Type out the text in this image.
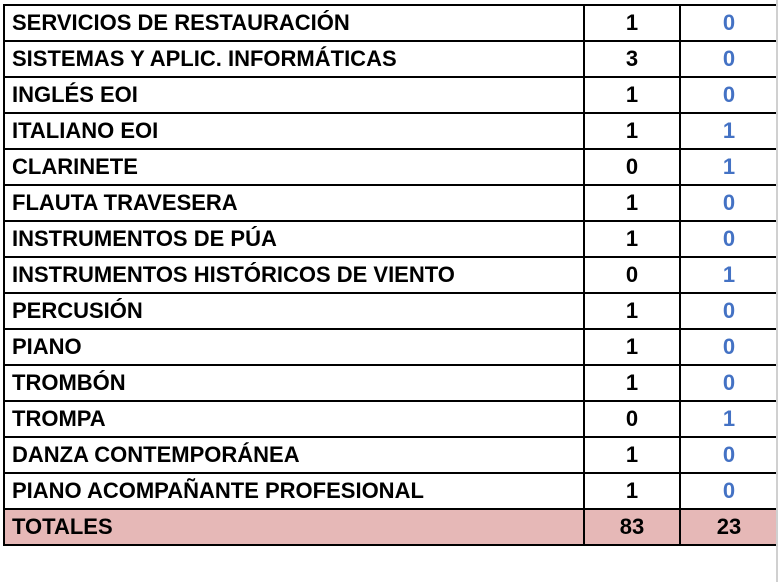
SERVICIOS DE RESTAURACIÓN	1	0
SISTEMAS Y APLIC. INFORMÁTICAS	3	0
INGLÉS EOI	1	0
ITALIANO EOI	1	1
CLARINETE	0	1
FLAUTA TRAVESERA	1	0
INSTRUMENTOS DE PÚA	1	0
INSTRUMENTOS HISTÓRICOS DE VIENTO	0	1
PERCUSIÓN	1	0
PIANO	1	0
TROMBÓN	1	0
TROMPA	0	1
DANZA CONTEMPORÁNEA	1	0
PIANO ACOMPAÑANTE PROFESIONAL	1	0
TOTALES	83	23
